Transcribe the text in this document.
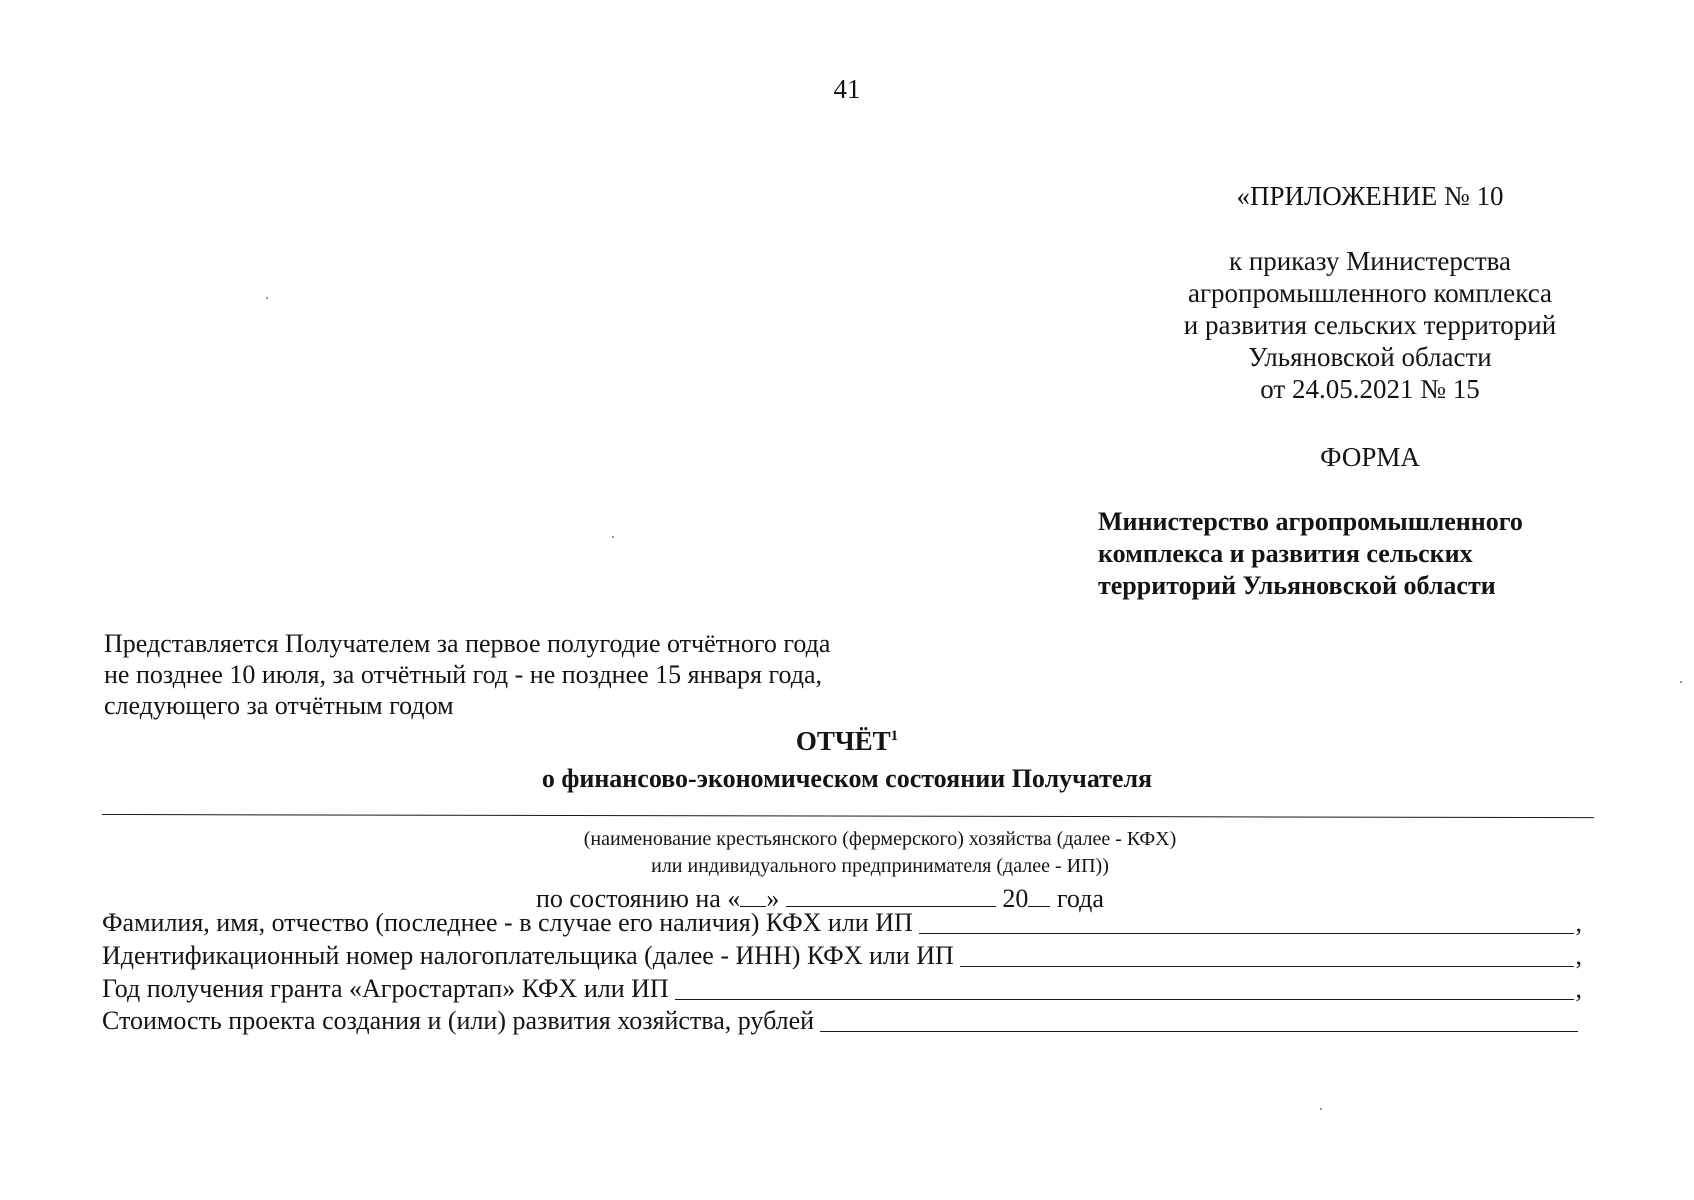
41
«ПРИЛОЖЕНИЕ № 10
к приказу Министерства
агропромышленного комплекса
и развития сельских территорий
Ульяновской области
от 24.05.2021 № 15
ФОРМА
Министерство агропромышленного
комплекса и развития сельских
территорий Ульяновской области
Представляется Получателем за первое полугодие отчётного года
не позднее 10 июля, за отчётный год - не позднее 15 января года,
следующего за отчётным годом
ОТЧЁТ$^1$
о финансово-экономическом состоянии Получателя
(наименование крестьянского (фермерского) хозяйства (далее - КФХ)
или индивидуального предпринимателя (далее - ИП))
по состоянию на « »	20 года
Фамилия, имя, отчество (последнее - в случае его наличия) КФХ или ИП	,
Идентификационный номер налогоплательщика (далее - ИНН) КФХ или ИП	,
Год получения гранта «Агростартап» КФХ или ИП	,
Стоимость проекта создания и (или) развития хозяйства, рублей
